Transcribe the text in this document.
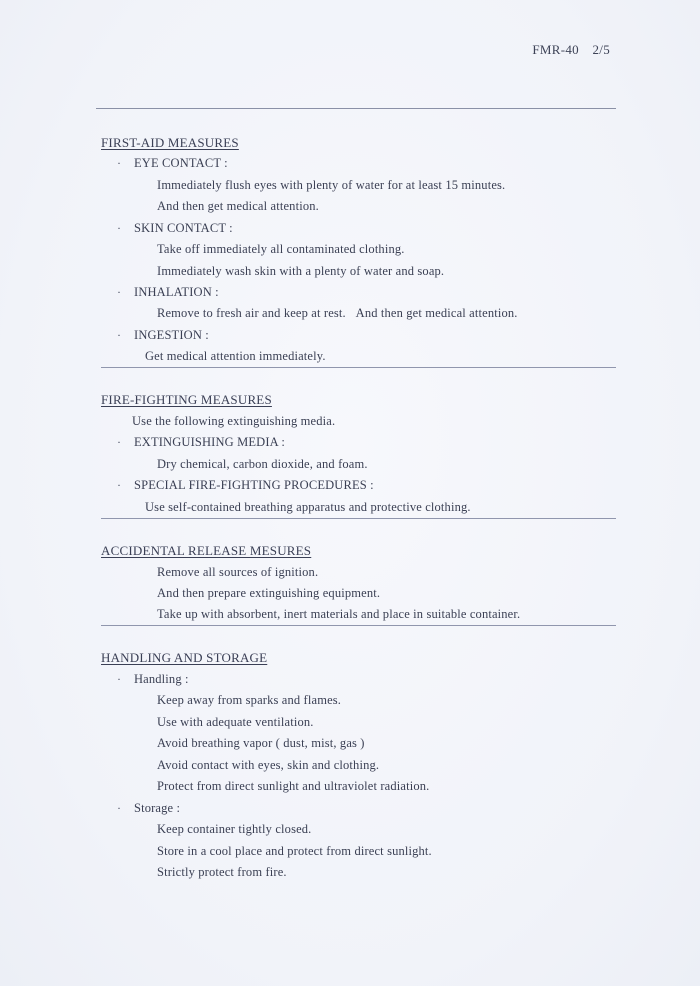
FMR-40 2/5
FIRST-AID MEASURES
· EYE CONTACT :
Immediately flush eyes with plenty of water for at least 15 minutes.
And then get medical attention.
· SKIN CONTACT :
Take off immediately all contaminated clothing.
Immediately wash skin with a plenty of water and soap.
· INHALATION :
Remove to fresh air and keep at rest.   And then get medical attention.
· INGESTION :
Get medical attention immediately.
FIRE-FIGHTING MEASURES
Use the following extinguishing media.
· EXTINGUISHING MEDIA :
Dry chemical, carbon dioxide, and foam.
· SPECIAL FIRE-FIGHTING PROCEDURES :
Use self-contained breathing apparatus and protective clothing.
ACCIDENTAL RELEASE MESURES
Remove all sources of ignition.
And then prepare extinguishing equipment.
Take up with absorbent, inert materials and place in suitable container.
HANDLING AND STORAGE
· Handling :
Keep away from sparks and flames.
Use with adequate ventilation.
Avoid breathing vapor ( dust, mist, gas )
Avoid contact with eyes, skin and clothing.
Protect from direct sunlight and ultraviolet radiation.
· Storage :
Keep container tightly closed.
Store in a cool place and protect from direct sunlight.
Strictly protect from fire.
